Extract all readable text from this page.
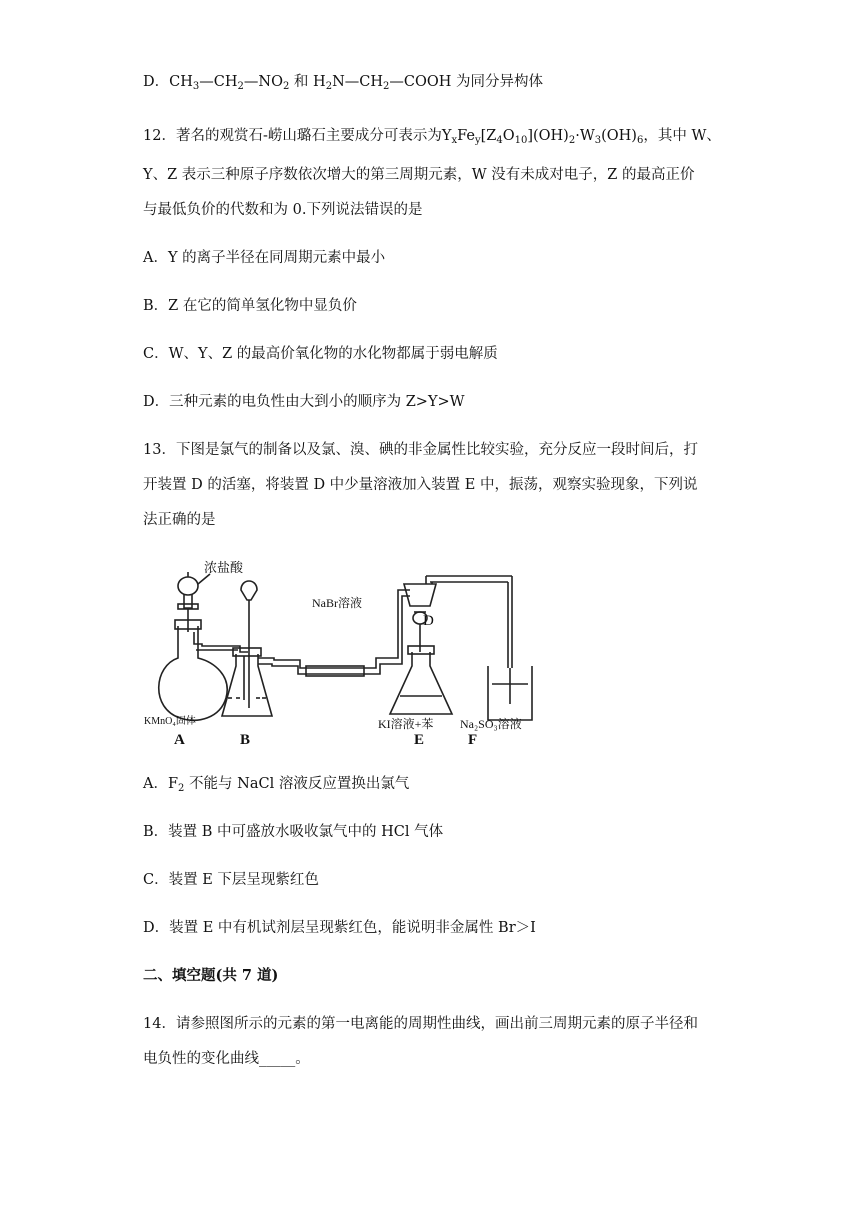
D．$CH_3—CH_2—NO_2$ 和 $H_2N—CH_2—COOH$ 为同分异构体
12．著名的观赏石-崂山璐石主要成分可表示为$Y_xFe_y[Z_4O_{10}](OH)_2\cdot W_3(OH)_6$，其中 W、
Y、Z 表示三种原子序数依次增大的第三周期元素，W 没有未成对电子，Z 的最高正价
与最低负价的代数和为 0.下列说法错误的是
A．Y 的离子半径在同周期元素中最小
B．Z 在它的简单氢化物中显负价
C．W、Y、Z 的最高价氧化物的水化物都属于弱电解质
D．三种元素的电负性由大到小的顺序为 Z>Y>W
13．下图是氯气的制备以及氯、溴、碘的非金属性比较实验，充分反应一段时间后，打
开装置 D 的活塞，将装置 D 中少量溶液加入装置 E 中，振荡，观察实验现象，下列说
法正确的是
浓盐酸
NaBr溶液
D
KMnO₄固体	KI溶液+苯 Na₂SO₃溶液
A	B	E	F
A．$F_2$ 不能与 NaCl 溶液反应置换出氯气
B．装置 B 中可盛放水吸收氯气中的 HCl 气体
C．装置 E 下层呈现紫红色
D．装置 E 中有机试剂层呈现紫红色，能说明非金属性 Br＞I
二、填空题(共 7 道)
14．请参照图所示的元素的第一电离能的周期性曲线，画出前三周期元素的原子半径和
电负性的变化曲线_____。
